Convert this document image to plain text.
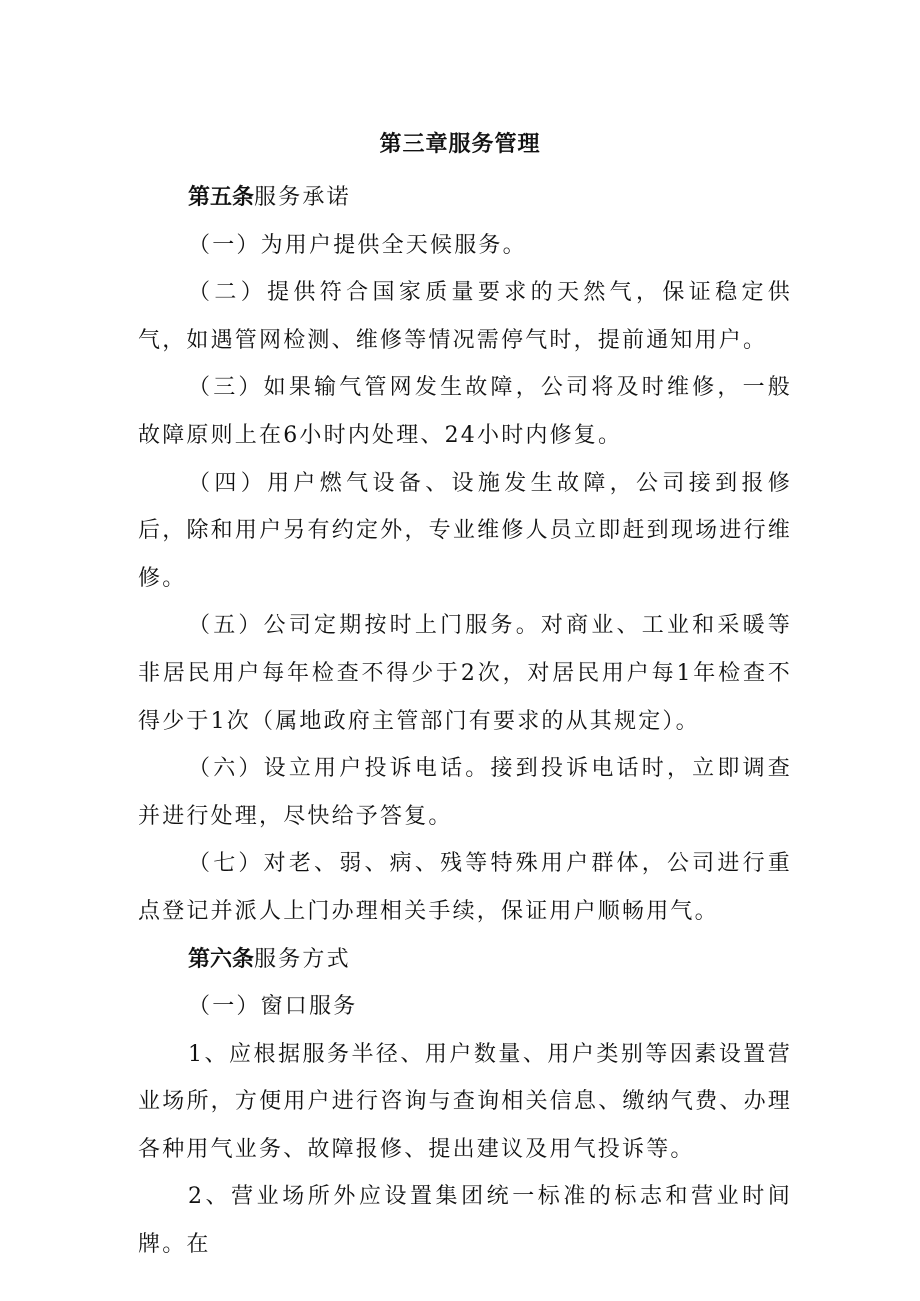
第三章服务管理

第五条服务承诺

（一）为用户提供全天候服务。

（二）提供符合国家质量要求的天然气，保证稳定供气，如遇管网检测、维修等情况需停气时，提前通知用户。

（三）如果输气管网发生故障，公司将及时维修，一般故障原则上在6小时内处理、24小时内修复。

（四）用户燃气设备、设施发生故障，公司接到报修后，除和用户另有约定外，专业维修人员立即赶到现场进行维修。

（五）公司定期按时上门服务。对商业、工业和采暖等非居民用户每年检查不得少于2次，对居民用户每1年检查不得少于1次（属地政府主管部门有要求的从其规定）。

（六）设立用户投诉电话。接到投诉电话时，立即调查并进行处理，尽快给予答复。

（七）对老、弱、病、残等特殊用户群体，公司进行重点登记并派人上门办理相关手续，保证用户顺畅用气。

第六条服务方式

（一）窗口服务

1、应根据服务半径、用户数量、用户类别等因素设置营业场所，方便用户进行咨询与查询相关信息、缴纳气费、办理各种用气业务、故障报修、提出建议及用气投诉等。

2、营业场所外应设置集团统一标准的标志和营业时间牌。在
